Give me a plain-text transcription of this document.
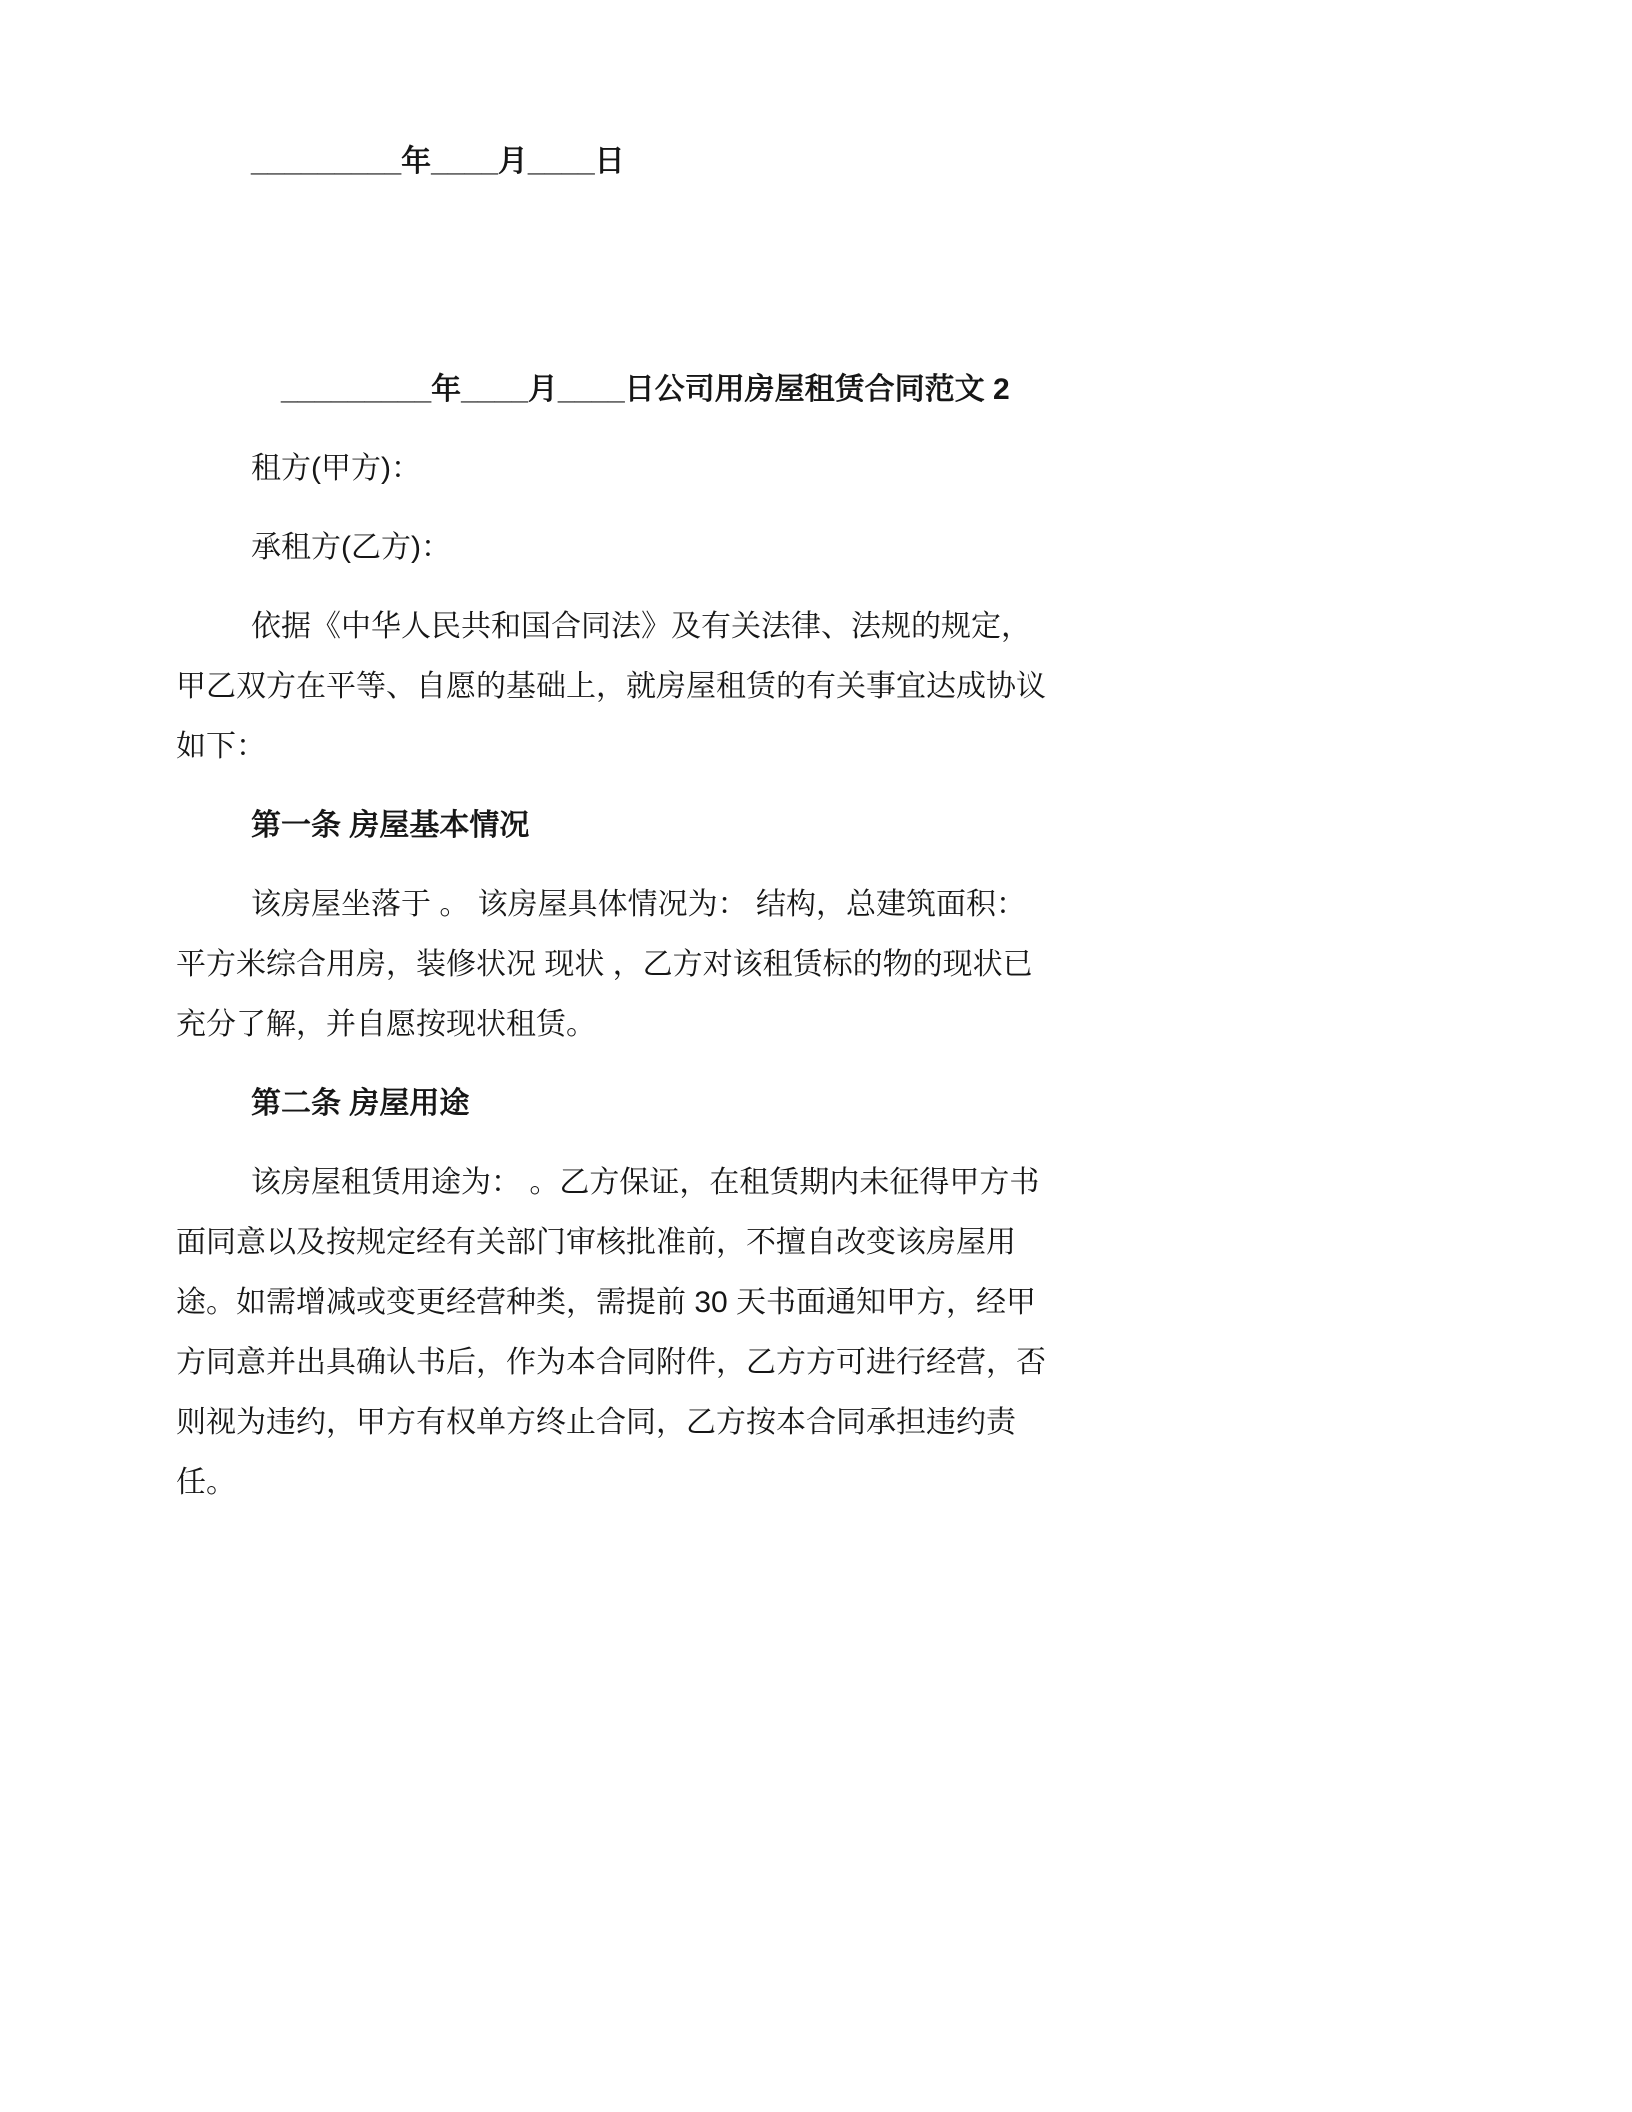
_________年____月____日

_________年____月____日公司用房屋租赁合同范文 2

租方(甲方)：

承租方(乙方)：

依据《中华人民共和国合同法》及有关法律、法规的规定，甲乙双方在平等、自愿的基础上，就房屋租赁的有关事宜达成协议如下：

第一条 房屋基本情况

该房屋坐落于 。 该房屋具体情况为： 结构，总建筑面积： 平方米综合用房，装修状况 现状 ，乙方对该租赁标的物的现状已充分了解，并自愿按现状租赁。

第二条 房屋用途

该房屋租赁用途为： 。乙方保证，在租赁期内未征得甲方书面同意以及按规定经有关部门审核批准前，不擅自改变该房屋用途。如需增减或变更经营种类，需提前 30 天书面通知甲方，经甲方同意并出具确认书后，作为本合同附件，乙方方可进行经营，否则视为违约，甲方有权单方终止合同，乙方按本合同承担违约责任。
